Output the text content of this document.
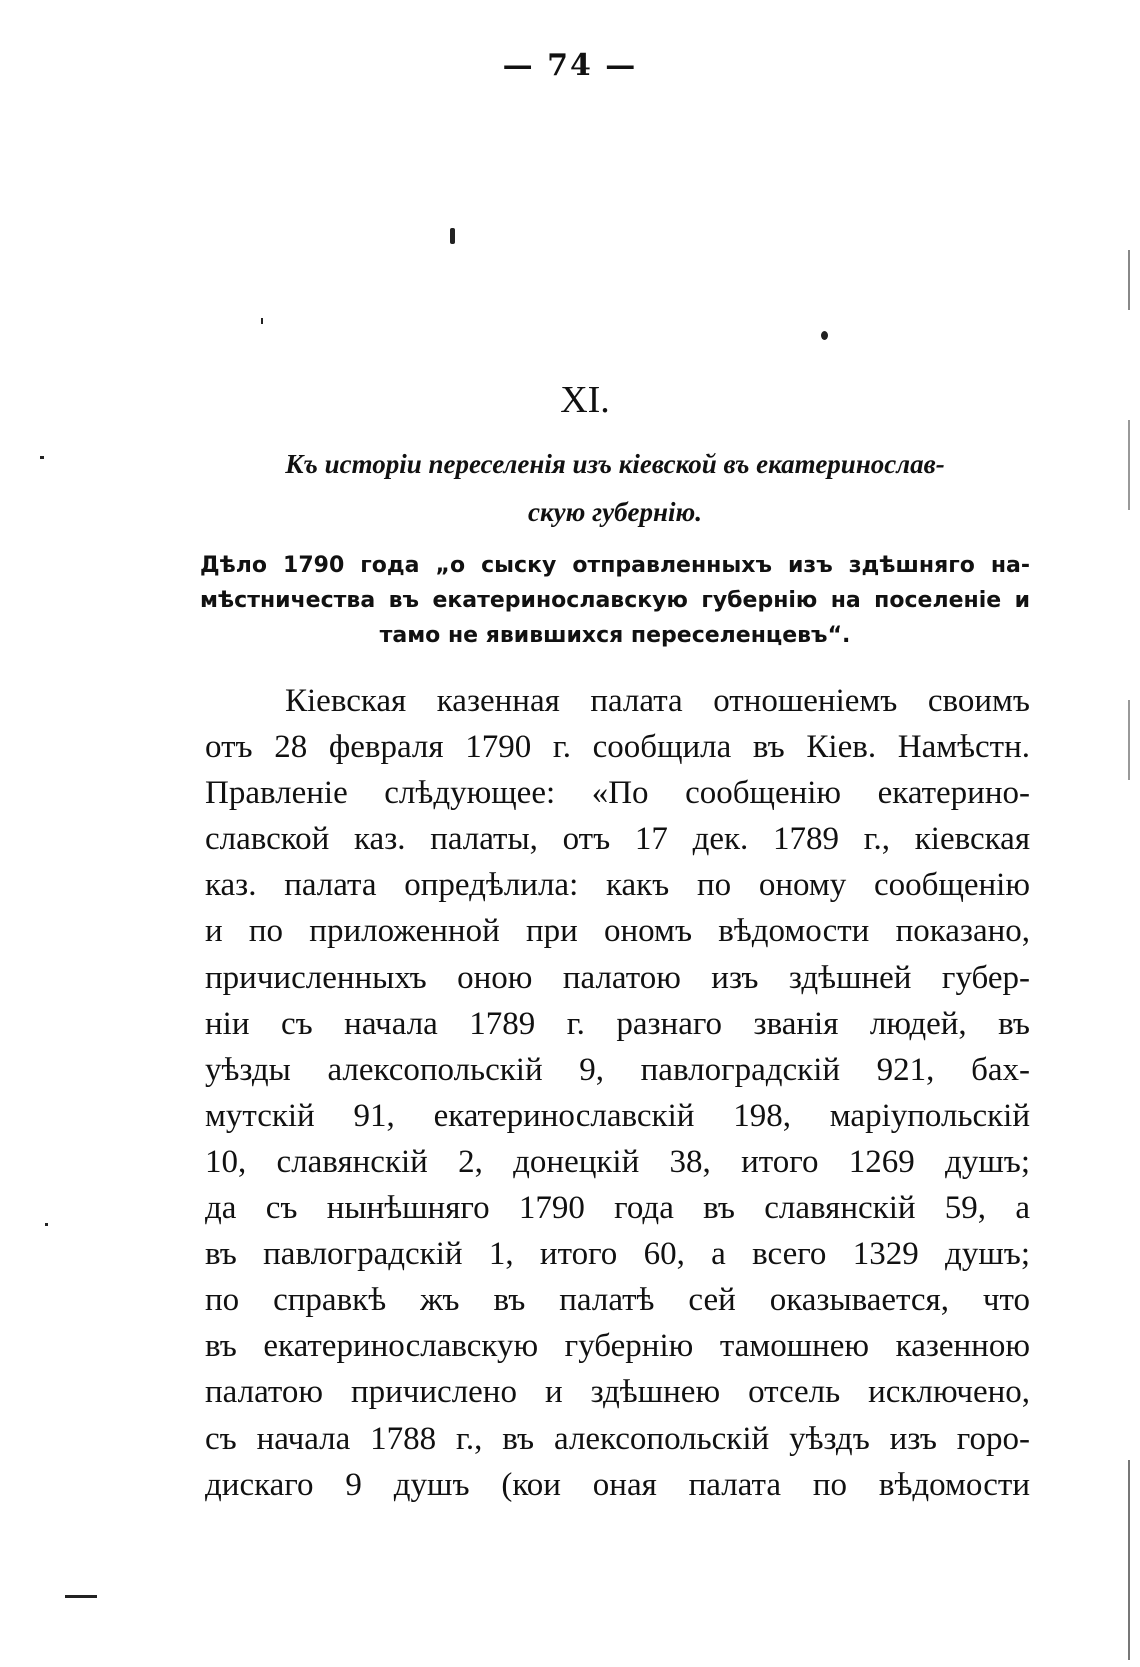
— 74 —
XI.
Къ исторіи переселенія изъ кіевской въ екатеринослав-
скую губернію.
Дѣло 1790 года „о сыску отправленныхъ изъ здѣшняго на-
мѣстничества въ екатеринославскую губернію на поселеніе и
тамо не явившихся переселенцевъ“.
Кіевская казенная палата отношеніемъ своимъ
отъ 28 февраля 1790 г. сообщила въ Кіев. Намѣстн.
Правленіе слѣдующее: «По сообщенію екатерино-
славской каз. палаты, отъ 17 дек. 1789 г., кіевская
каз. палата опредѣлила: какъ по оному сообщенію
и по приложенной при ономъ вѣдомости показано,
причисленныхъ оною палатою изъ здѣшней губер-
ніи съ начала 1789 г. разнаго званія людей, въ
уѣзды алексопольскій 9, павлоградскій 921, бах-
мутскій 91, екатеринославскій 198, маріупольскій
10, славянскій 2, донецкій 38, итого 1269 душъ;
да съ нынѣшняго 1790 года въ славянскій 59, а
въ павлоградскій 1, итого 60, а всего 1329 душъ;
по справкѣ жъ въ палатѣ сей оказывается, что
въ екатеринославскую губернію тамошнею казенною
палатою причислено и здѣшнею отсель исключено,
съ начала 1788 г., въ алексопольскій уѣздъ изъ горо-
дискаго 9 душъ (кои оная палата по вѣдомости
